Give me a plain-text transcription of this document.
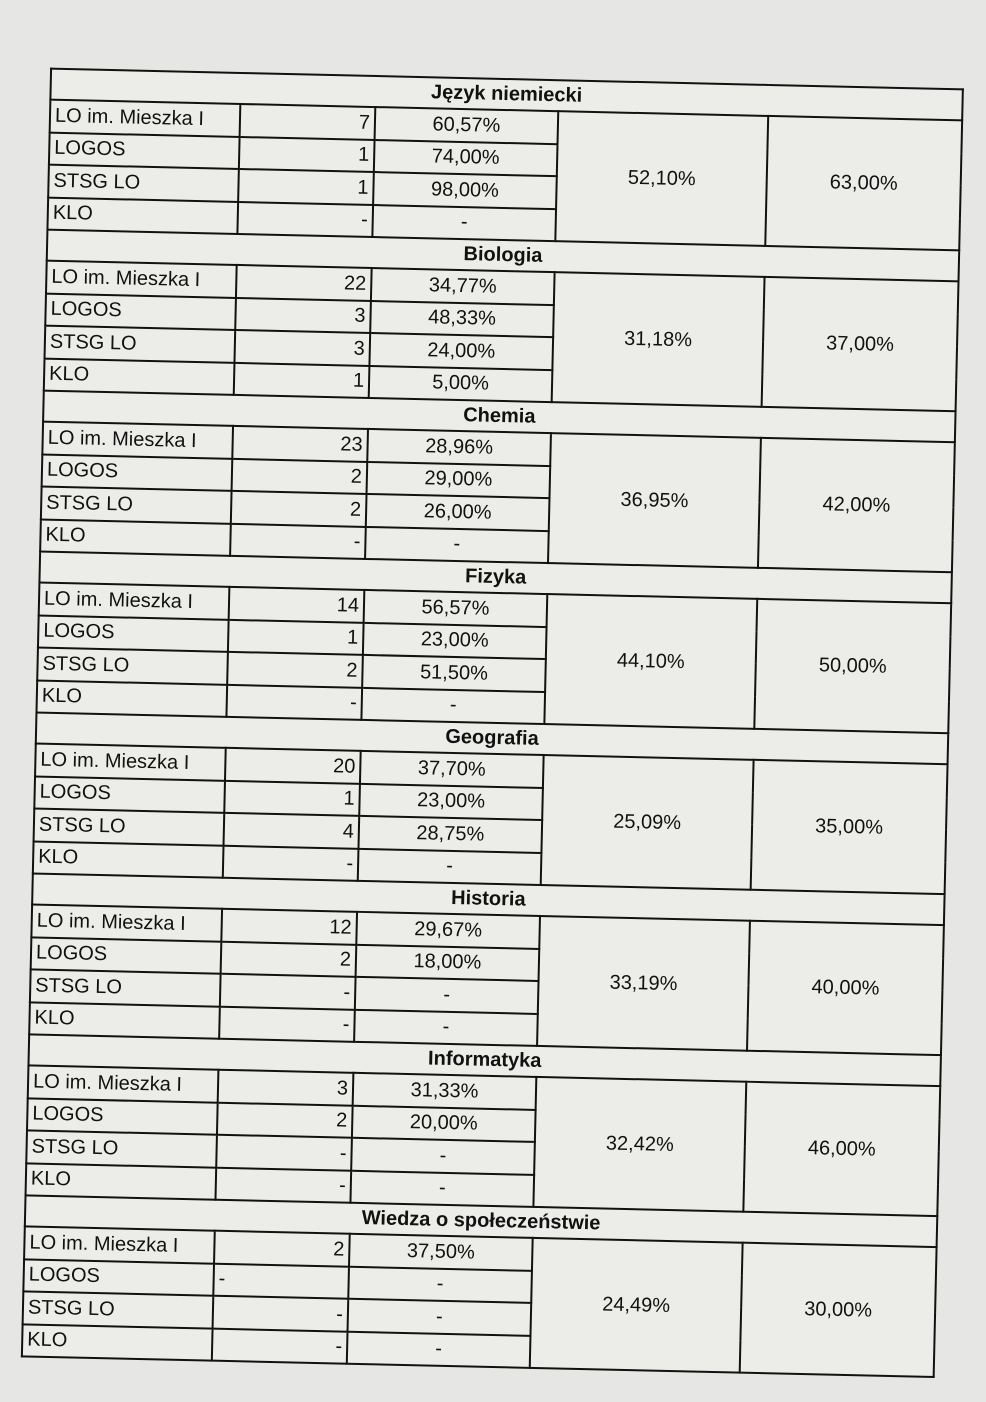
Język niemiecki				
LO im. Mieszka I	7	60,57%	52,10%	63,00%
LOGOS	1	74,00%		
STSG LO	1	98,00%		
KLO	-	-		
Biologia				
LO im. Mieszka I	22	34,77%	31,18%	37,00%
LOGOS	3	48,33%		
STSG LO	3	24,00%		
KLO	1	5,00%		
Chemia				
LO im. Mieszka I	23	28,96%	36,95%	42,00%
LOGOS	2	29,00%		
STSG LO	2	26,00%		
KLO	-	-		
Fizyka				
LO im. Mieszka I	14	56,57%	44,10%	50,00%
LOGOS	1	23,00%		
STSG LO	2	51,50%		
KLO	-	-		
Geografia				
LO im. Mieszka I	20	37,70%	25,09%	35,00%
LOGOS	1	23,00%		
STSG LO	4	28,75%		
KLO	-	-		
Historia				
LO im. Mieszka I	12	29,67%	33,19%	40,00%
LOGOS	2	18,00%		
STSG LO	-	-		
KLO	-	-		
Informatyka				
LO im. Mieszka I	3	31,33%	32,42%	46,00%
LOGOS	2	20,00%		
STSG LO	-	-		
KLO	-	-		
Wiedza o społeczeństwie				
LO im. Mieszka I	2	37,50%	24,49%	30,00%
LOGOS	-	-		
STSG LO	-	-		
KLO	-	-		
